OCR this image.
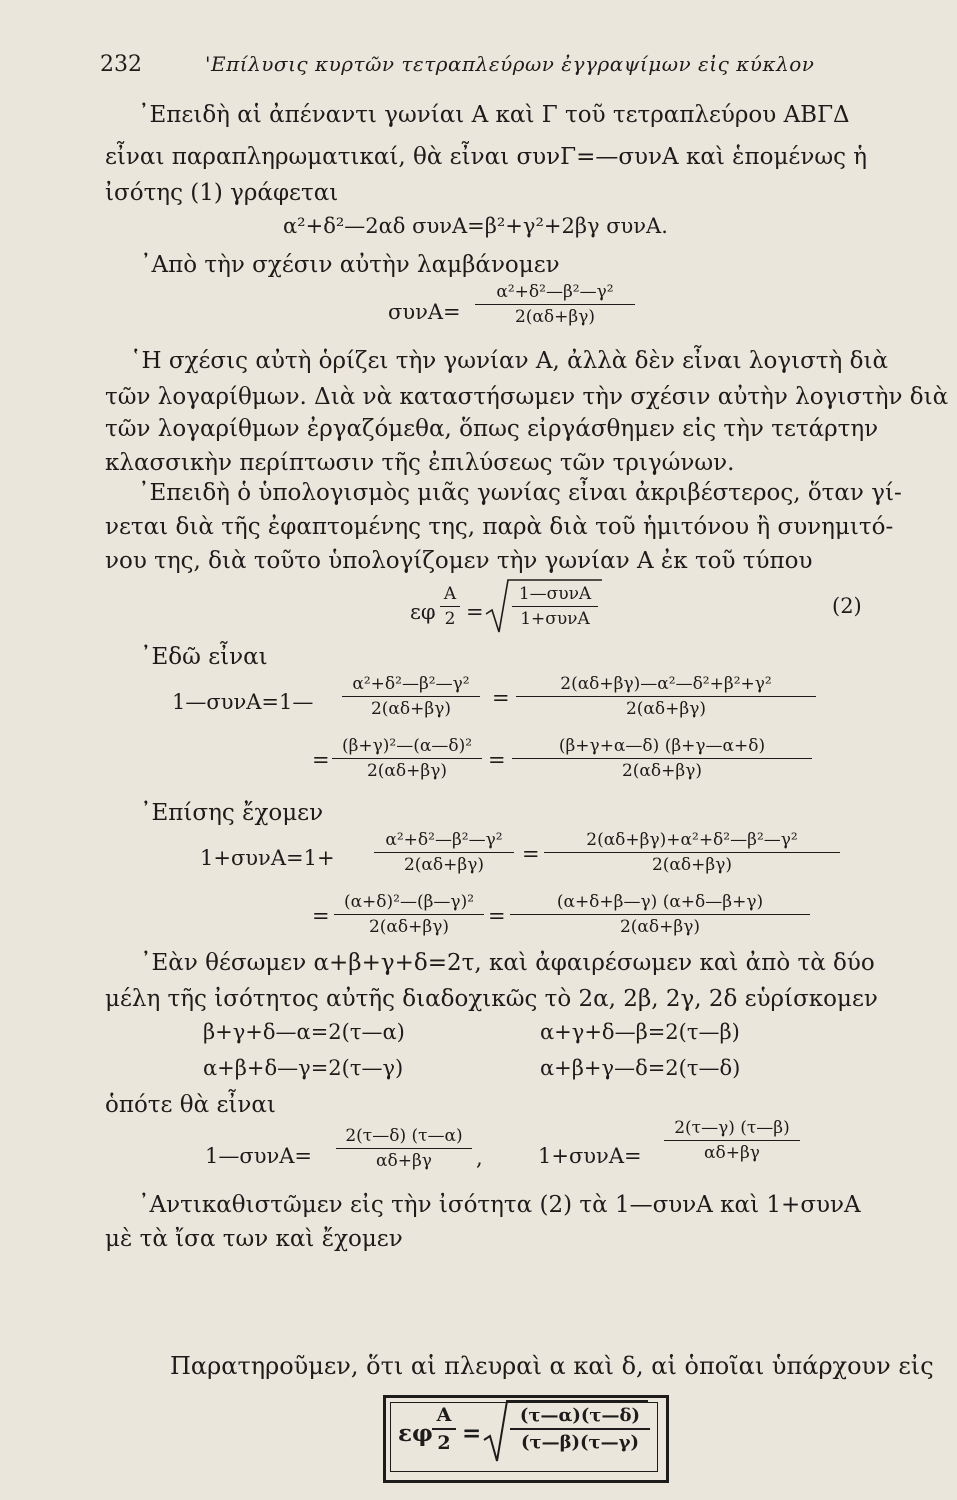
232	'Επίλυσις κυρτῶν τετραπλεύρων ἐγγραψίμων εἰς κύκλον
᾿Επειδὴ αἱ ἀπέναντι γωνίαι Α καὶ Γ τοῦ τετραπλεύρου ΑΒΓΔ
εἶναι παραπληρωματικαί, θὰ εἶναι συνΓ=—συνΑ καὶ ἑπομένως ἡ
ἰσότης (1) γράφεται
α²+δ²—2αδ συνΑ=β²+γ²+2βγ συνΑ.
᾿Απὸ τὴν σχέσιν αὐτὴν λαμβάνομεν
$\sigma\upsilon\nu A= \frac{\text{α²+δ²—β²—γ²}}{2(\alpha\delta+\beta\gamma)}$
῾Η σχέσις αὐτὴ ὁρίζει τὴν γωνίαν Α, ἀλλὰ δὲν εἶναι λογιστὴ διὰ
τῶν λογαρίθμων. Διὰ νὰ καταστήσωμεν τὴν σχέσιν αὐτὴν λογιστὴν διὰ
τῶν λογαρίθμων ἐργαζόμεθα, ὅπως εἰργάσθημεν εἰς τὴν τετάρτην
κλασσικὴν περίπτωσιν τῆς ἐπιλύσεως τῶν τριγώνων.
᾿Επειδὴ ὁ ὑπολογισμὸς μιᾶς γωνίας εἶναι ἀκριβέστερος, ὅταν γί-
νεται διὰ τῆς ἐφαπτομένης της, παρὰ διὰ τοῦ ἡμιτόνου ἢ συνημιτό-
νου της, διὰ τοῦτο ὑπολογίζομεν τὴν γωνίαν Α ἐκ τοῦ τύπου
εφ $\frac{A}{2}$ =
1—συνΑ
1+συνΑ
(2)
᾿Εδῶ εἶναι
1—συνΑ=1— $\frac{\text{α²+δ²—β²—γ²}}{2(\alpha\delta+\beta\gamma)} = \frac{\text{2(αδ+βγ)—α²—δ²+β²+γ²}}{2(\alpha\delta+\beta\gamma)}$
= $\frac{\text{(β+γ)²—(α—δ)²}}{2(\alpha\delta+\beta\gamma)} = \frac{(\beta+\gamma+\alpha—\delta) (\beta+\gamma—\alpha+\delta)}{2(\alpha\delta+\beta\gamma)}$
᾿Επίσης ἔχομεν
$1+\sigma\upsilon\nu A=1+ \frac{\text{α²+δ²—β²—γ²}}{2(\alpha\delta+\beta\gamma)} = \frac{\text{2(αδ+βγ)+α²+δ²—β²—γ²}}{2(\alpha\delta+\beta\gamma)}$
= $\frac{\text{(α+δ)²—(β—γ)²}}{2(\alpha\delta+\beta\gamma)} = \frac{(\alpha+\delta+\beta—\gamma) (\alpha+\delta—\beta+\gamma)}{2(\alpha\delta+\beta\gamma)}$
᾿Εὰν θέσωμεν α+β+γ+δ=2τ, καὶ ἀφαιρέσωμεν καὶ ἀπὸ τὰ δύο
μέλη τῆς ἰσότητος αὐτῆς διαδοχικῶς τὸ 2α, 2β, 2γ, 2δ εὑρίσκομεν
β+γ+δ—α=2(τ—α)	α+γ+δ—β=2(τ—β)
α+β+δ—γ=2(τ—γ)	α+β+γ—δ=2(τ—δ)
ὁπότε θὰ εἶναι
1—συνΑ= $\frac{2(\tau—\delta) (\tau—\alpha)}{\alpha\delta+\beta\gamma}$ ,	$1+\sigma\upsilon\nu A= \frac{2(\tau—\gamma) (\tau—\beta)}{\alpha\delta+\beta\gamma}$
᾿Αντικαθιστῶμεν εἰς τὴν ἰσότητα (2) τὰ 1—συνΑ καὶ 1+συνΑ
μὲ τὰ ἴσα των καὶ ἔχομεν
εφ $\frac{A}{2} = \frac{(\tau—\alpha)(\tau—\delta)}{(\tau—\beta)(\tau—\gamma)}$
Παρατηροῦμεν, ὅτι αἱ πλευραὶ α καὶ δ, αἱ ὁποῖαι ὑπάρχουν εἰς
